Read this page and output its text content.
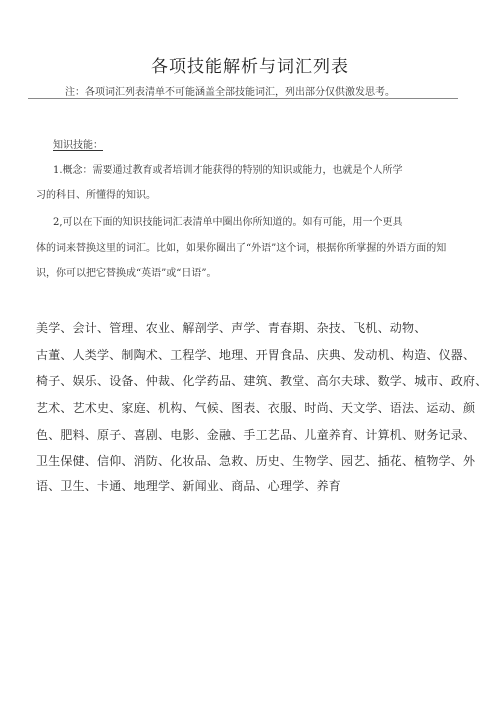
各项技能解析与词汇列表
注：各项词汇列表清单不可能涵盖全部技能词汇，列出部分仅供激发思考。
知识技能：
1.概念：需要通过教育或者培训才能获得的特别的知识或能力，也就是个人所学
习的科目、所懂得的知识。
2,可以在下面的知识技能词汇表清单中圈出你所知道的。如有可能，用一个更具
体的词来替换这里的词汇。比如，如果你圈出了“外语”这个词，根据你所掌握的外语方面的知
识，你可以把它替换成“英语”或“日语”。
美学、会计、管理、农业、解剖学、声学、青春期、杂技、飞机、动物、
古董、人类学、制陶术、工程学、地理、开胃食品、庆典、发动机、构造、仪器、
椅子、娱乐、设备、仲裁、化学药品、建筑、教堂、高尔夫球、数学、城市、政府、
艺术、艺术史、家庭、机构、气候、图表、衣服、时尚、天文学、语法、运动、颜
色、肥料、原子、喜剧、电影、金融、手工艺品、儿童养育、计算机、财务记录、
卫生保健、信仰、消防、化妆品、急救、历史、生物学、园艺、插花、植物学、外
语、卫生、卡通、地理学、新闻业、商品、心理学、养育
